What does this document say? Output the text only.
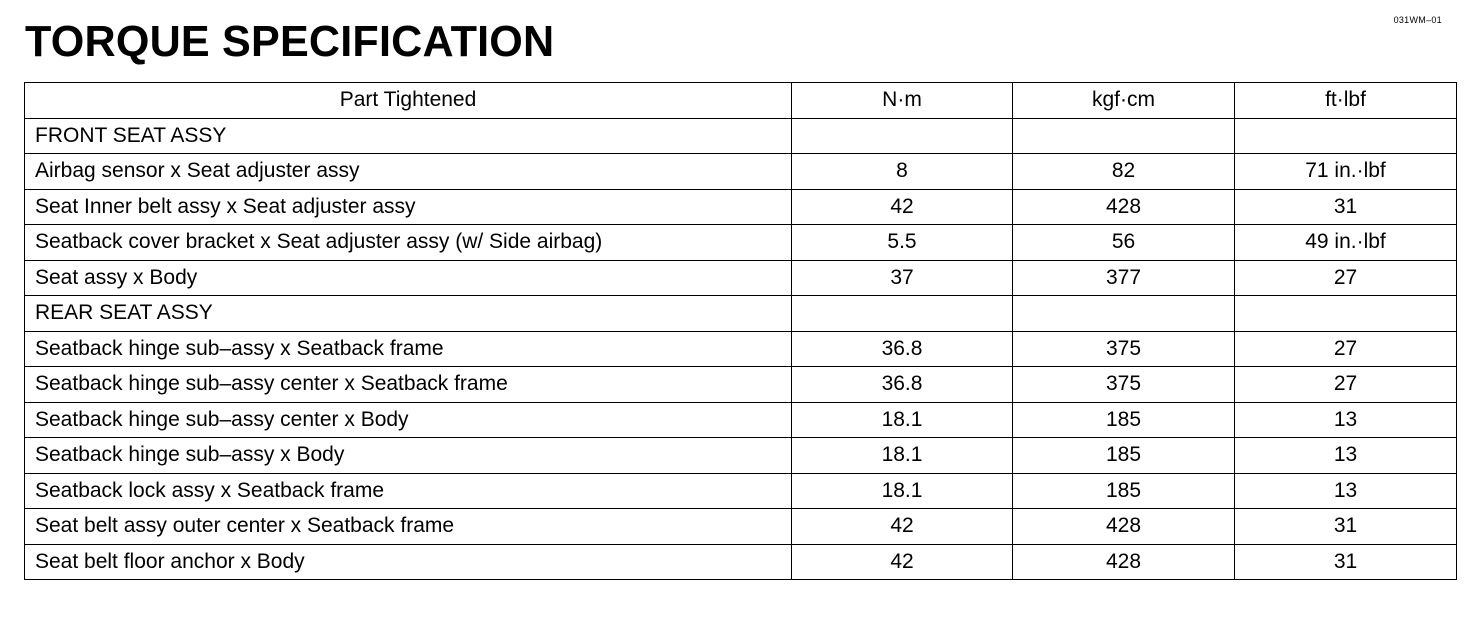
031WM–01
TORQUE SPECIFICATION
Part Tightened	N·m	kgf·cm	ft·lbf
FRONT SEAT ASSY			
Airbag sensor x Seat adjuster assy	8	82	71 in.·lbf
Seat Inner belt assy x Seat adjuster assy	42	428	31
Seatback cover bracket x Seat adjuster assy (w/ Side airbag)	5.5	56	49 in.·lbf
Seat assy x Body	37	377	27
REAR SEAT ASSY			
Seatback hinge sub–assy x Seatback frame	36.8	375	27
Seatback hinge sub–assy center x Seatback frame	36.8	375	27
Seatback hinge sub–assy center x Body	18.1	185	13
Seatback hinge sub–assy x Body	18.1	185	13
Seatback lock assy x Seatback frame	18.1	185	13
Seat belt assy outer center x Seatback frame	42	428	31
Seat belt floor anchor x Body	42	428	31
